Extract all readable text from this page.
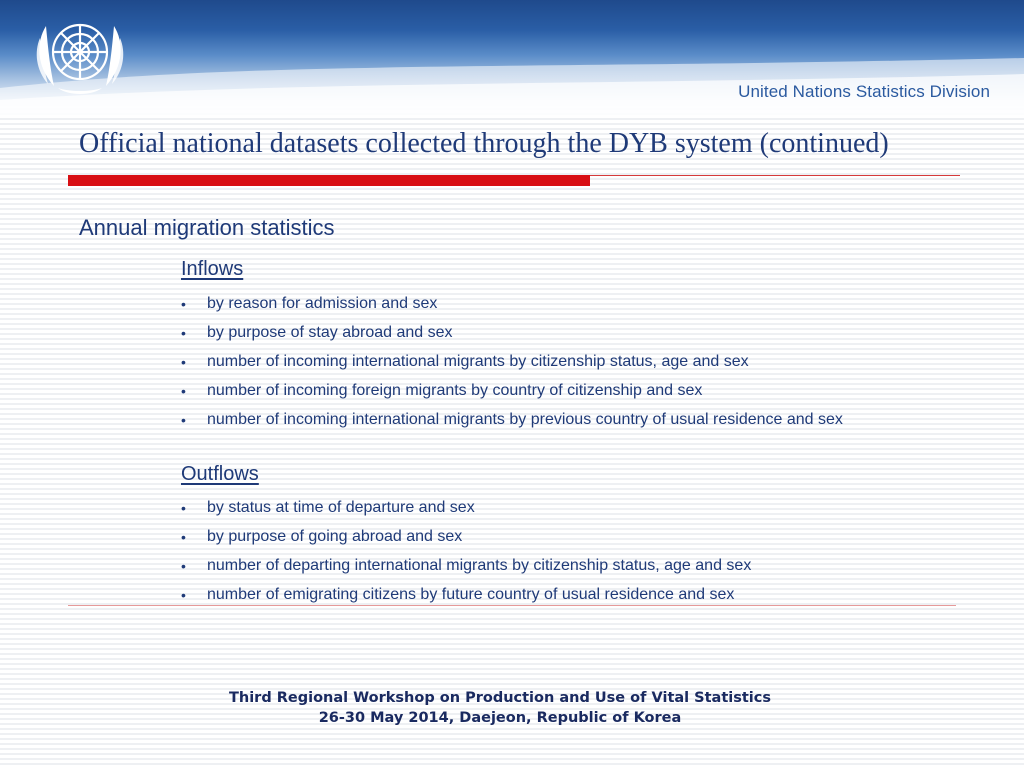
United Nations Statistics Division
Official national datasets collected through the DYB system (continued)
Annual migration statistics
Inflows
• by reason for admission and sex
• by purpose of stay abroad and sex
• number of incoming international migrants by citizenship status, age and sex
• number of incoming foreign migrants by country of citizenship and sex
• number of incoming international migrants by previous country of usual residence and sex
Outflows
• by status at time of departure and sex
• by purpose of going abroad and sex
• number of departing international migrants by citizenship status, age and sex
• number of emigrating citizens by future country of usual residence and sex
Third Regional Workshop on Production and Use of Vital Statistics
26-30 May 2014, Daejeon, Republic of Korea
